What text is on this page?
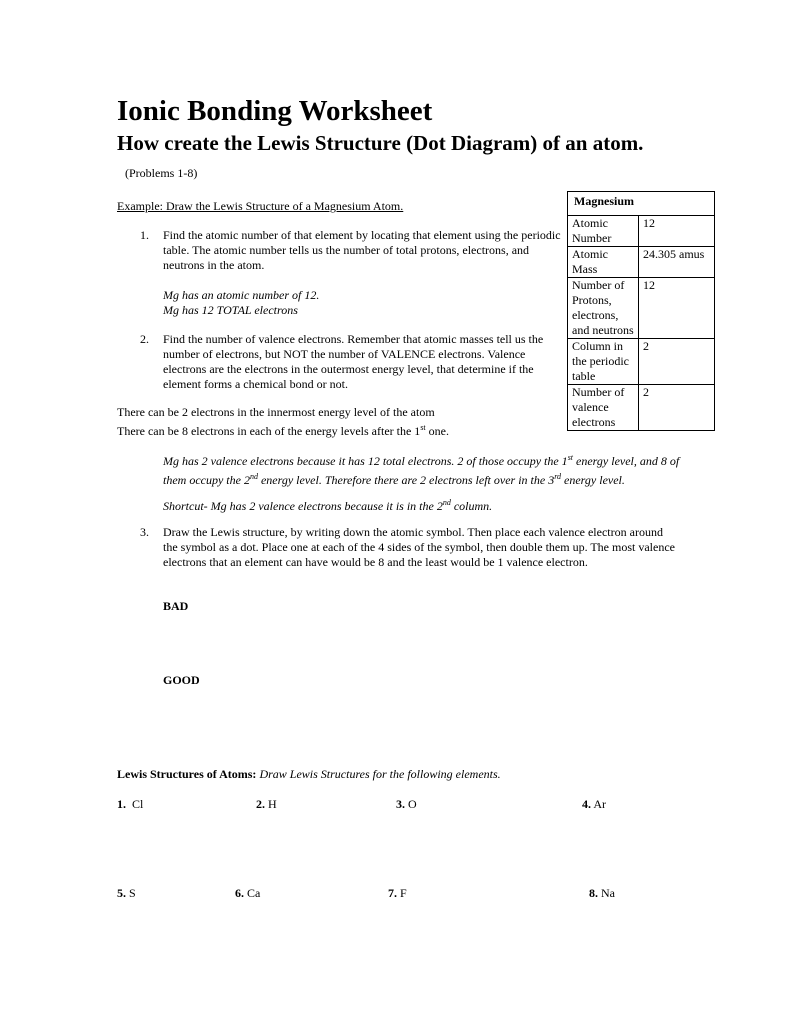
Ionic Bonding Worksheet
How create the Lewis Structure (Dot Diagram) of an atom.(Problems 1-8)
Example: Draw the Lewis Structure of a Magnesium Atom.	Magnesium	
Atomic Number	12
Atomic Mass	24.305 amus
Number of Protons, electrons, and neutrons	12
Column in the periodic table	2
Number of valence electrons	2
1. Find the atomic number of that element by locating that element using the periodic table. The atomic number tells us the number of total protons, electrons, and neutrons in the atom.
Mg has an atomic number of 12.
Mg has 12 TOTAL electrons
2. Find the number of valence electrons. Remember that atomic masses tell us the number of electrons, but NOT the number of VALENCE electrons. Valence electrons are the electrons in the outermost energy level, that determine if the element forms a chemical bond or not.
There can be 2 electrons in the innermost energy level of the atom
There can be 8 electrons in each of the energy levels after the 1st one.
Mg has 2 valence electrons because it has 12 total electrons. 2 of those occupy the 1st energy level, and 8 of them occupy the 2nd energy level. Therefore there are 2 electrons left over in the 3rd energy level.
Shortcut- Mg has 2 valence electrons because it is in the 2nd column.
3. Draw the Lewis structure, by writing down the atomic symbol. Then place each valence electron around the symbol as a dot. Place one at each of the 4 sides of the symbol, then double them up. The most valence electrons that an element can have would be 8 and the least would be 1 valence electron.
BAD
GOOD
Lewis Structures of Atoms: Draw Lewis Structures for the following elements.
1. Cl	2. H	3. O	4. Ar
5. S	6. Ca	7. F	8. Na
